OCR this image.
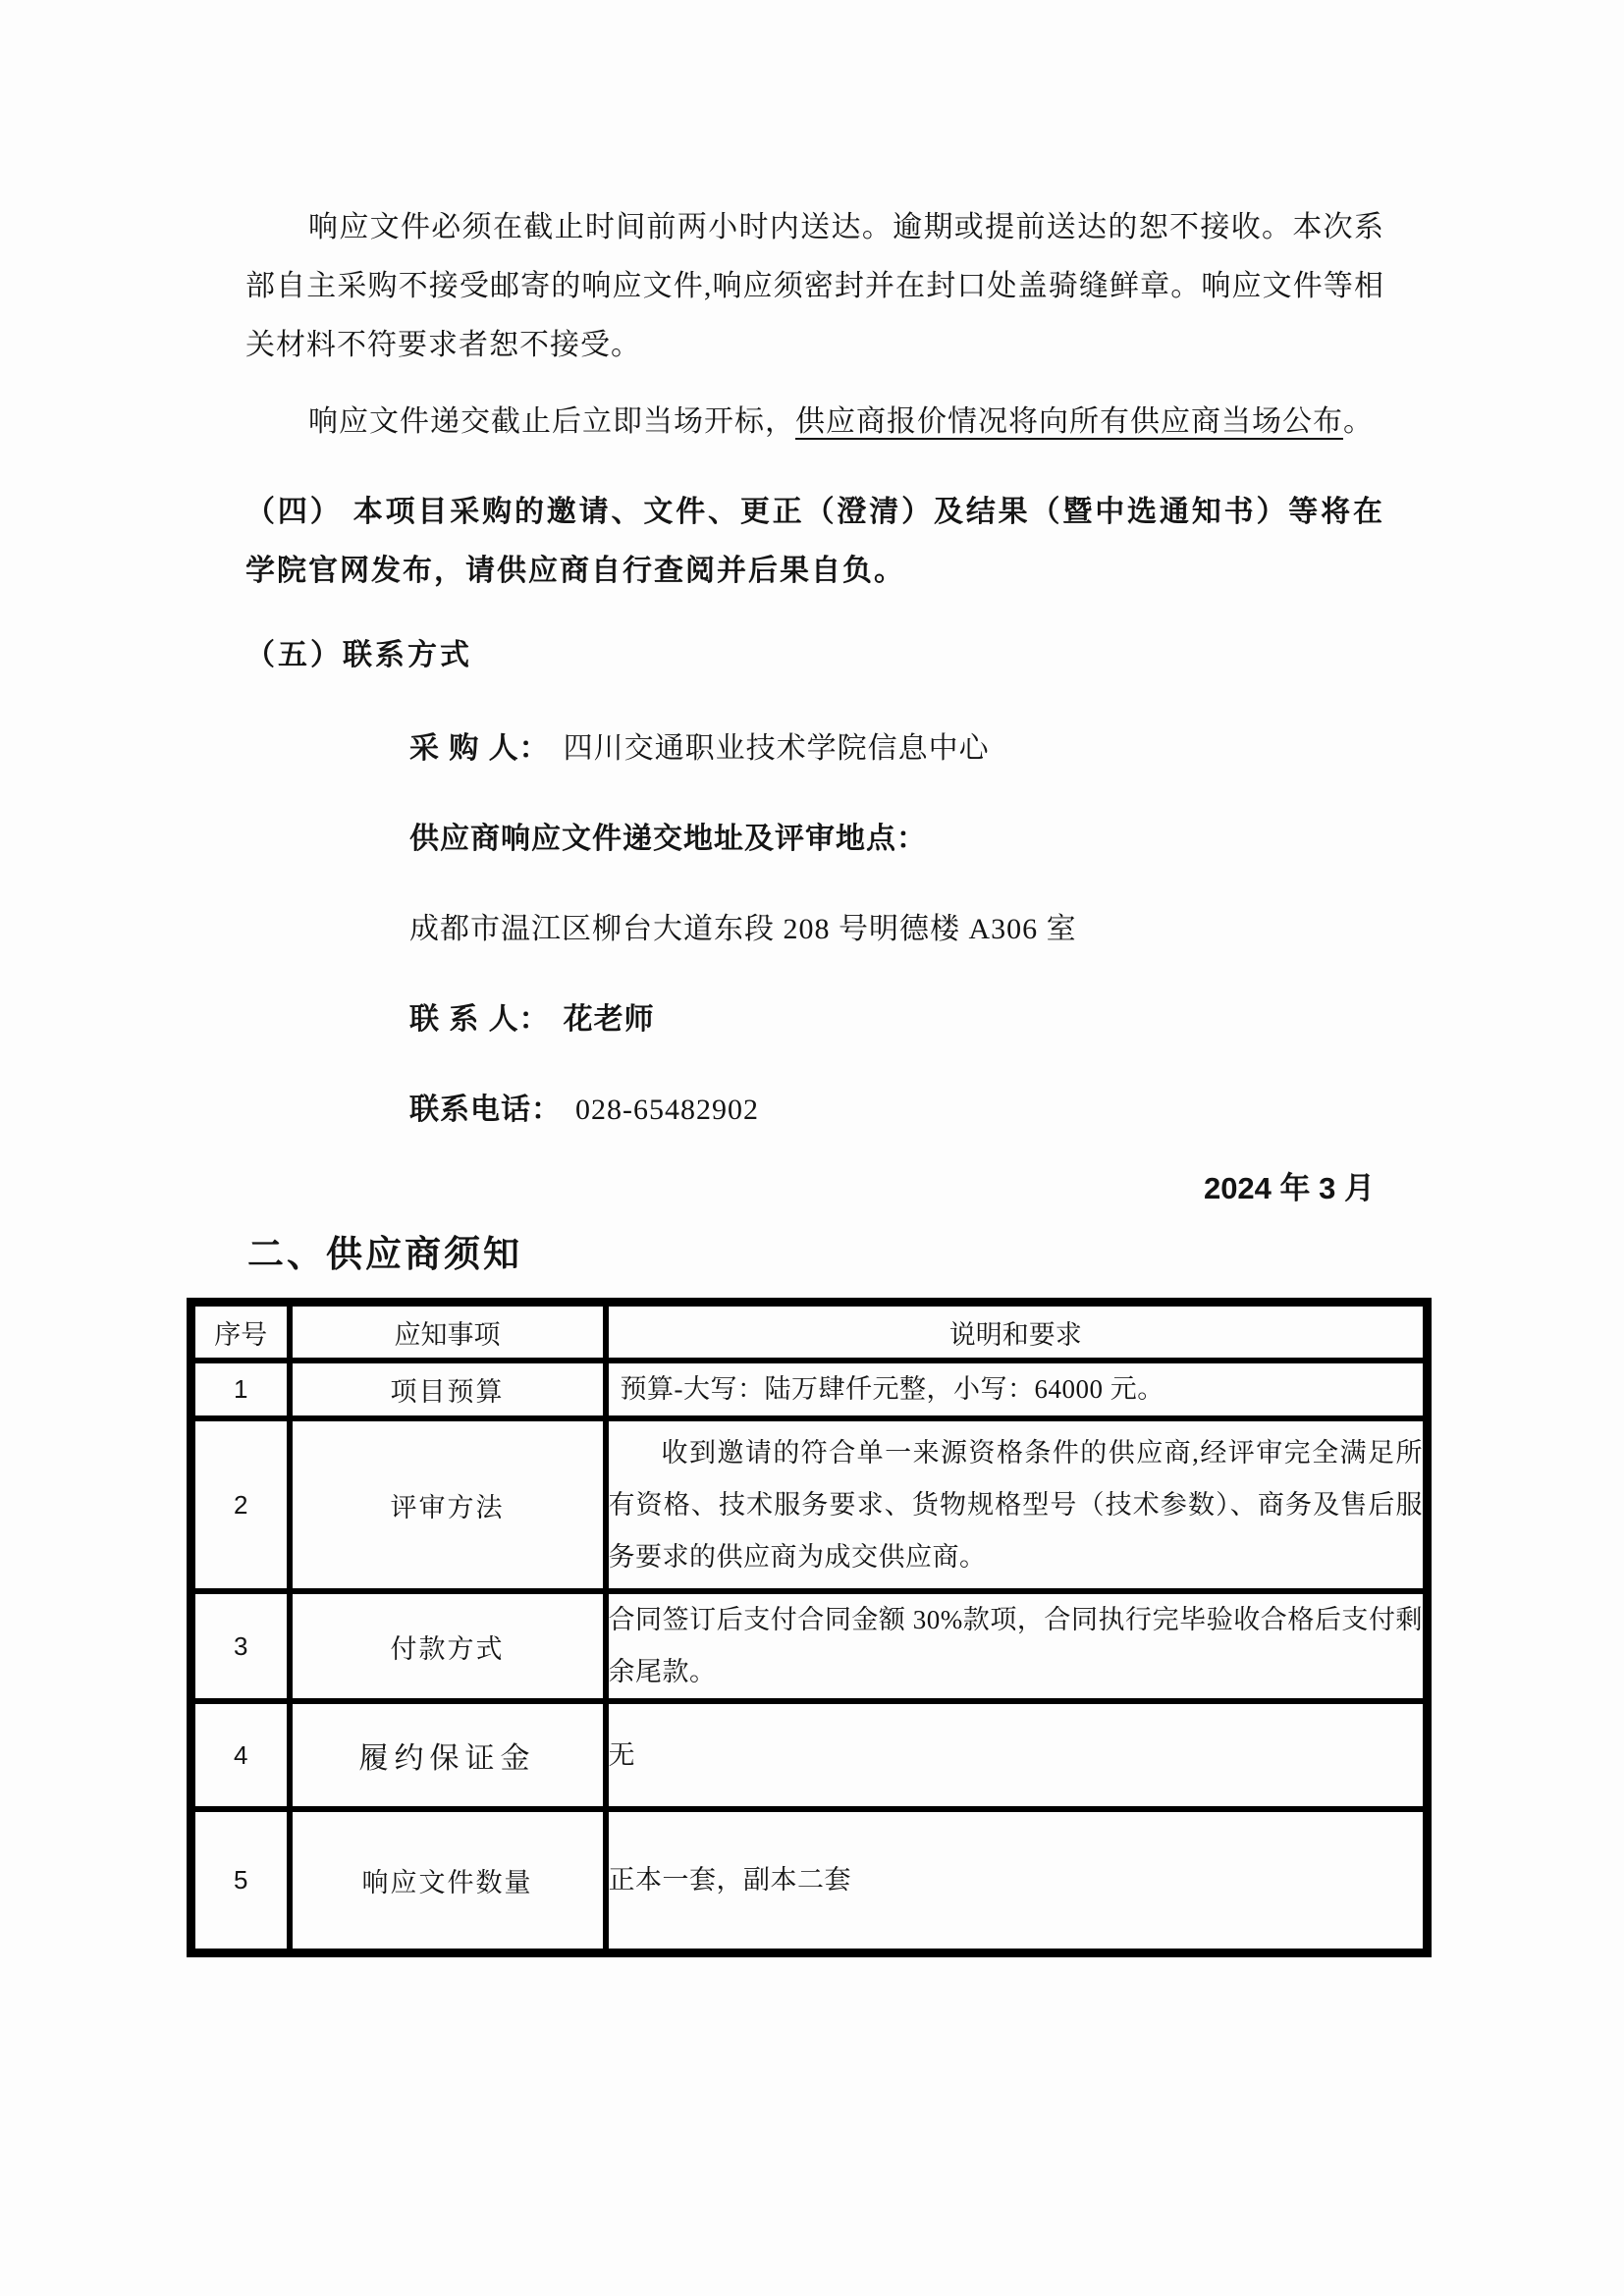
响应文件必须在截止时间前两小时内送达。逾期或提前送达的恕不接收。本次系部自主采购不接受邮寄的响应文件,响应须密封并在封口处盖骑缝鲜章。响应文件等相关材料不符要求者恕不接受。

响应文件递交截止后立即当场开标，供应商报价情况将向所有供应商当场公布。

（四） 本项目采购的邀请、文件、更正（澄清）及结果（暨中选通知书）等将在学院官网发布，请供应商自行查阅并后果自负。

（五）联系方式

采 购 人： 四川交通职业技术学院信息中心

供应商响应文件递交地址及评审地点：

成都市温江区柳台大道东段 208 号明德楼 A306 室

联 系 人： 花老师

联系电话： 028-65482902

2024 年 3 月

二、供应商须知
序号	应知事项	说明和要求
1	项目预算	预算-大写：陆万肆仟元整，小写：64000 元。
2	评审方法	收到邀请的符合单一来源资格条件的供应商,经评审完全满足所有资格、技术服务要求、货物规格型号（技术参数）、商务及售后服务要求的供应商为成交供应商。
3	付款方式	合同签订后支付合同金额 30%款项，合同执行完毕验收合格后支付剩余尾款。
4	履约保证金	无
5	响应文件数量	正本一套，副本二套
